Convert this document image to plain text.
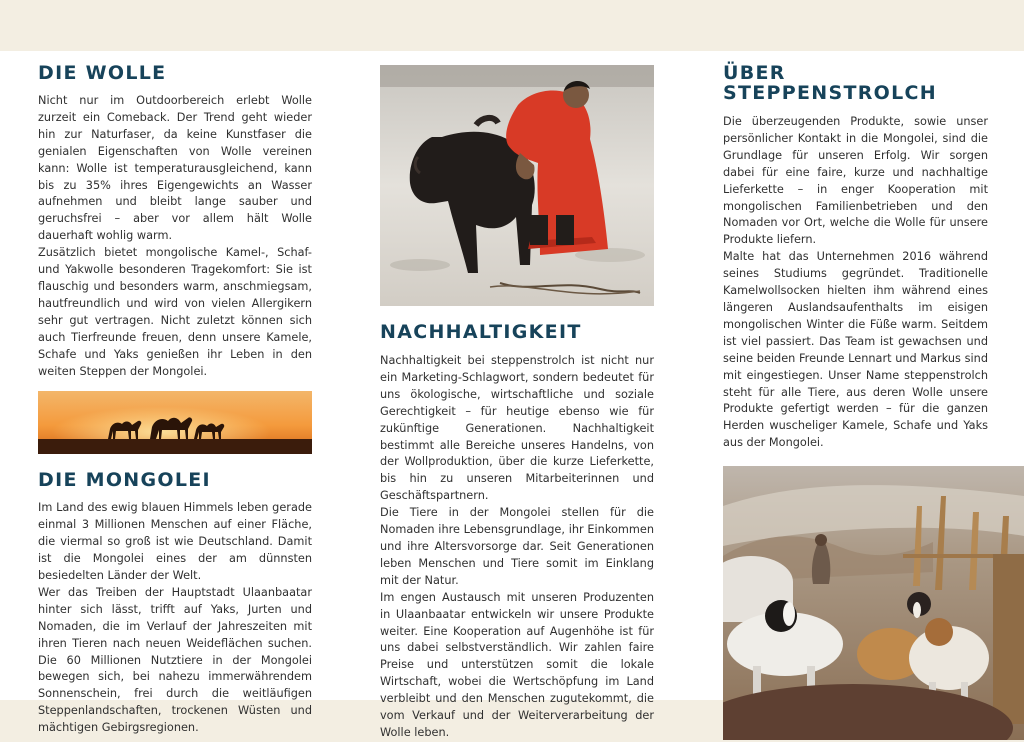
DIE WOLLE

Nicht nur im Outdoorbereich erlebt Wolle zurzeit ein Comeback. Der Trend geht wieder hin zur Naturfaser, da keine Kunstfaser die genialen Eigenschaften von Wolle vereinen kann: Wolle ist temperaturausgleichend, kann bis zu 35% ihres Eigengewichts an Wasser aufnehmen und bleibt lange sauber und geruchsfrei – aber vor allem hält Wolle dauerhaft wohlig warm.

Zusätzlich bietet mongolische Kamel-, Schaf- und Yakwolle besonderen Tragekomfort: Sie ist flauschig und besonders warm, anschmiegsam, hautfreundlich und wird von vielen Allergikern sehr gut vertragen. Nicht zuletzt können sich auch Tierfreunde freuen, denn unsere Kamele, Schafe und Yaks genießen ihr Leben in den weiten Steppen der Mongolei.

DIE MONGOLEI

Im Land des ewig blauen Himmels leben gerade einmal 3 Millionen Menschen auf einer Fläche, die viermal so groß ist wie Deutschland. Damit ist die Mongolei eines der am dünnsten besiedelten Länder der Welt.

Wer das Treiben der Hauptstadt Ulaanbaatar hinter sich lässt, trifft auf Yaks, Jurten und Nomaden, die im Verlauf der Jahreszeiten mit ihren Tieren nach neuen Weideflächen suchen. Die 60 Millionen Nutztiere in der Mongolei bewegen sich, bei nahezu immerwährendem Sonnenschein, frei durch die weitläufigen Steppenlandschaften, trockenen Wüsten und mächtigen Gebirgsregionen.

NACHHALTIGKEIT

Nachhaltigkeit bei steppenstrolch ist nicht nur ein Marketing-Schlagwort, sondern bedeutet für uns ökologische, wirtschaftliche und soziale Gerechtigkeit – für heutige ebenso wie für zukünftige Generationen. Nachhaltigkeit bestimmt alle Bereiche unseres Handelns, von der Wollproduktion, über die kurze Lieferkette, bis hin zu unseren Mitarbeiterinnen und Geschäftspartnern.

Die Tiere in der Mongolei stellen für die Nomaden ihre Lebensgrundlage, ihr Einkommen und ihre Altersvorsorge dar. Seit Generationen leben Menschen und Tiere somit im Einklang mit der Natur.

Im engen Austausch mit unseren Produzenten in Ulaanbaatar entwickeln wir unsere Produkte weiter. Eine Kooperation auf Augenhöhe ist für uns dabei selbstverständlich. Wir zahlen faire Preise und unterstützen somit die lokale Wirtschaft, wobei die Wertschöpfung im Land verbleibt und den Menschen zugutekommt, die vom Verkauf und der Weiterverarbeitung der Wolle leben.

ÜBER STEPPENSTROLCH

Die überzeugenden Produkte, sowie unser persönlicher Kontakt in die Mongolei, sind die Grundlage für unseren Erfolg. Wir sorgen dabei für eine faire, kurze und nachhaltige Lieferkette – in enger Kooperation mit mongolischen Familienbetrieben und den Nomaden vor Ort, welche die Wolle für unsere Produkte liefern.

Malte hat das Unternehmen 2016 während seines Studiums gegründet. Traditionelle Kamelwollsocken hielten ihm während eines längeren Auslandsaufenthalts im eisigen mongolischen Winter die Füße warm. Seitdem ist viel passiert. Das Team ist gewachsen und seine beiden Freunde Lennart und Markus sind mit eingestiegen. Unser Name steppenstrolch steht für alle Tiere, aus deren Wolle unsere Produkte gefertigt werden – für die ganzen Herden wuscheliger Kamele, Schafe und Yaks aus der Mongolei.
